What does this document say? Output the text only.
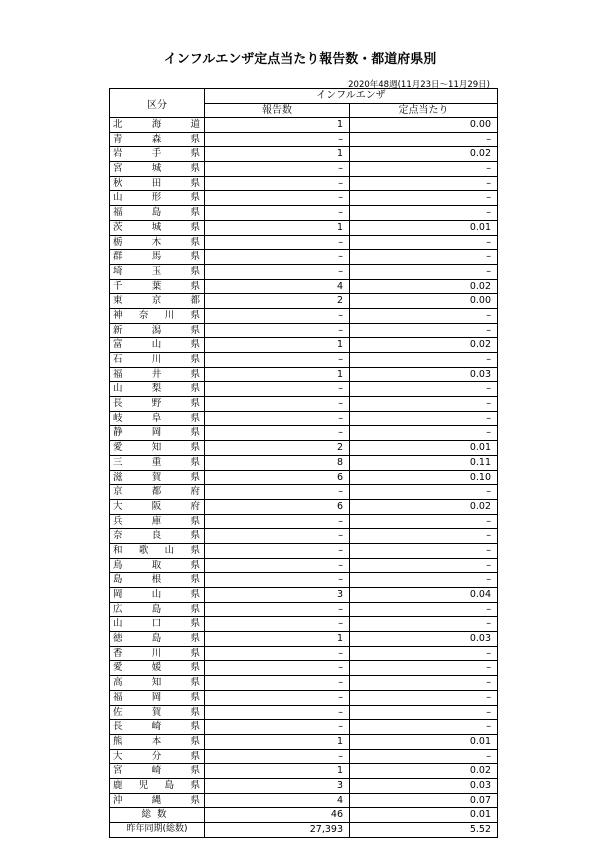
インフルエンザ定点当たり報告数・都道府県別
2020年48週(11月23日～11月29日)
区分
インフルエンザ
報告数	定点当たり
北	海	道	1	0.00
青	森	県	–	–
岩	手	県	1	0.02
宮	城	県	–	–
秋	田	県	–	–
山	形	県	–	–
福	島	県	–	–
茨	城	県	1	0.01
栃	木	県	–	–
群	馬	県	–	–
埼	玉	県	–	–
千	葉	県	4	0.02
東	京	都	2	0.00
神 奈 川 県	–	–
新	潟	県	–	–
富	山	県	1	0.02
石	川	県	–	–
福	井	県	1	0.03
山	梨	県	–	–
長	野	県	–	–
岐	阜	県	–	–
静	岡	県	–	–
愛	知	県	2	0.01
三	重	県	8	0.11
滋	賀	県	6	0.10
京	都	府	–	–
大	阪	府	6	0.02
兵	庫	県	–	–
奈	良	県	–	–
和 歌 山 県	–	–
鳥	取	県	–	–
島	根	県	–	–
岡	山	県	3	0.04
広	島	県	–	–
山	口	県	–	–
徳	島	県	1	0.03
香	川	県	–	–
愛	媛	県	–	–
高	知	県	–	–
福	岡	県	–	–
佐	賀	県	–	–
長	崎	県	–	–
熊	本	県	1	0.01
大	分	県	–	–
宮	崎	県	1	0.02
鹿 児 島 県	3	0.03
沖	縄	県	4	0.07
総数	46	0.01
昨年同期(総数)	27,393	5.52
